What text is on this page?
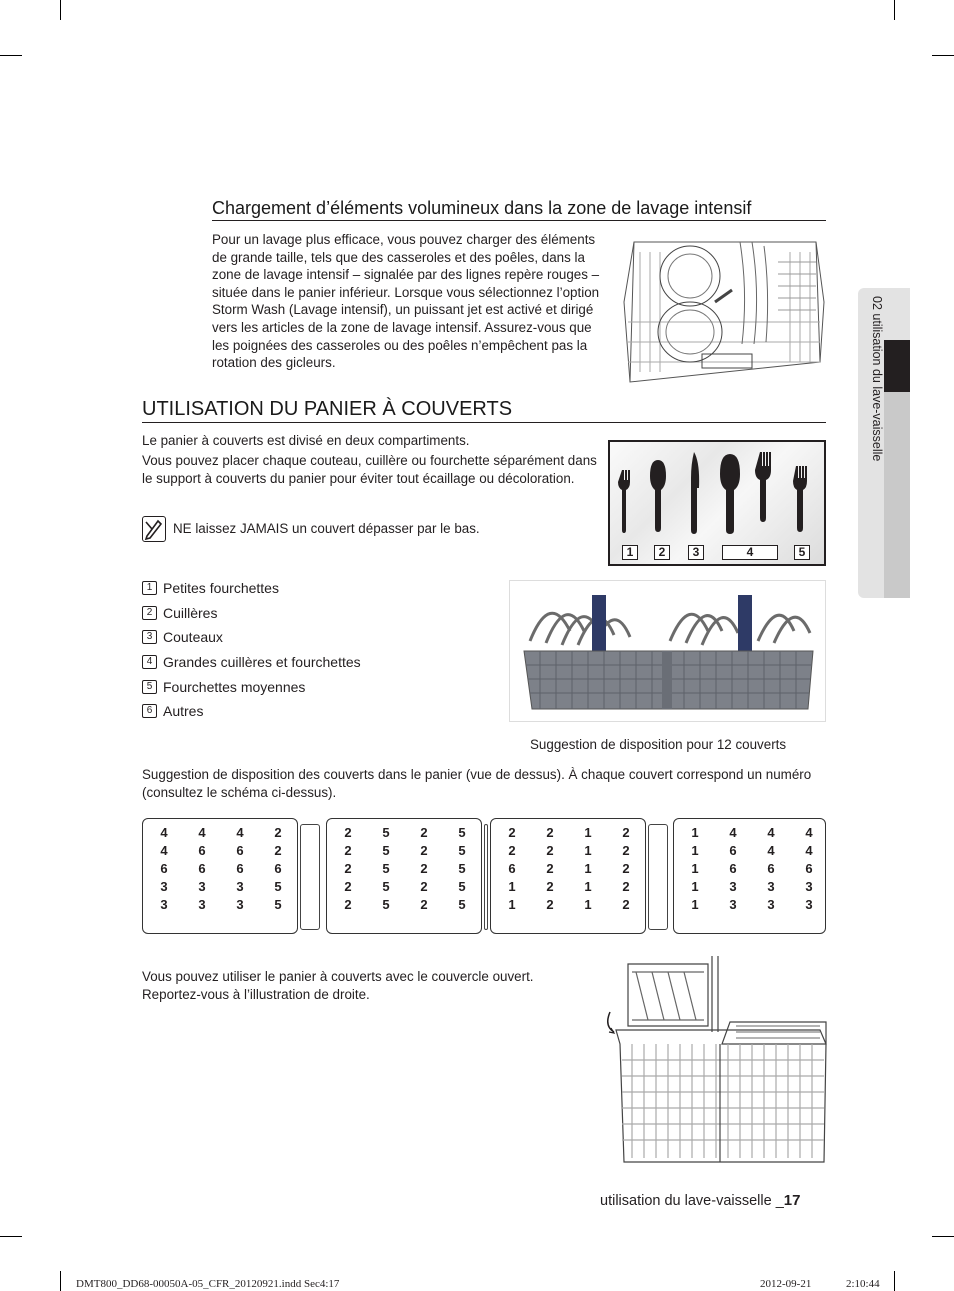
02 utilisation du lave-vaisselle
Chargement d’éléments volumineux dans la zone de lavage intensif
Pour un lavage plus efficace, vous pouvez charger des éléments de grande taille, tels que des casseroles et des poêles, dans la zone de lavage intensif – signalée par des lignes repère rouges – située dans le panier inférieur. Lorsque vous sélectionnez l’option Storm Wash (Lavage intensif), un puissant jet est activé et dirigé vers les articles de la zone de lavage intensif. Assurez-vous que les poignées des casseroles ou des poêles n’empêchent pas la rotation des gicleurs.
UTILISATION DU PANIER À COUVERTS
Le panier à couverts est divisé en deux compartiments.
Vous pouvez placer chaque couteau, cuillère ou fourchette séparément dans le support à couverts du panier pour éviter tout écaillage ou décoloration.
NE laissez JAMAIS un couvert dépasser par le bas.
1	2	3	4	5
1 Petites fourchettes
2 Cuillères
3 Couteaux
4 Grandes cuillères et fourchettes
5 Fourchettes moyennes
6 Autres
Suggestion de disposition pour 12 couverts
Suggestion de disposition des couverts dans le panier (vue de dessus). À chaque couvert correspond un numéro (consultez le schéma ci-dessus).
4	4	4	2
4	6	6	2
6	6	6	6
3	3	3	5
3	3	3	5
2	5	2	5
2	5	2	5
2	5	2	5
2	5	2	5
2	5	2	5
2	2	1	2
2	2	1	2
6	2	1	2
1	2	1	2
1	2	1	2
1	4	4	4
1	6	4	4
1	6	6	6
1	3	3	3
1	3	3	3
Vous pouvez utiliser le panier à couverts avec le couvercle ouvert. Reportez-vous à l’illustration de droite.
utilisation du lave-vaisselle _17
DMT800_DD68-00050A-05_CFR_20120921.indd Sec4:17	2012-09-21	2:10:44
